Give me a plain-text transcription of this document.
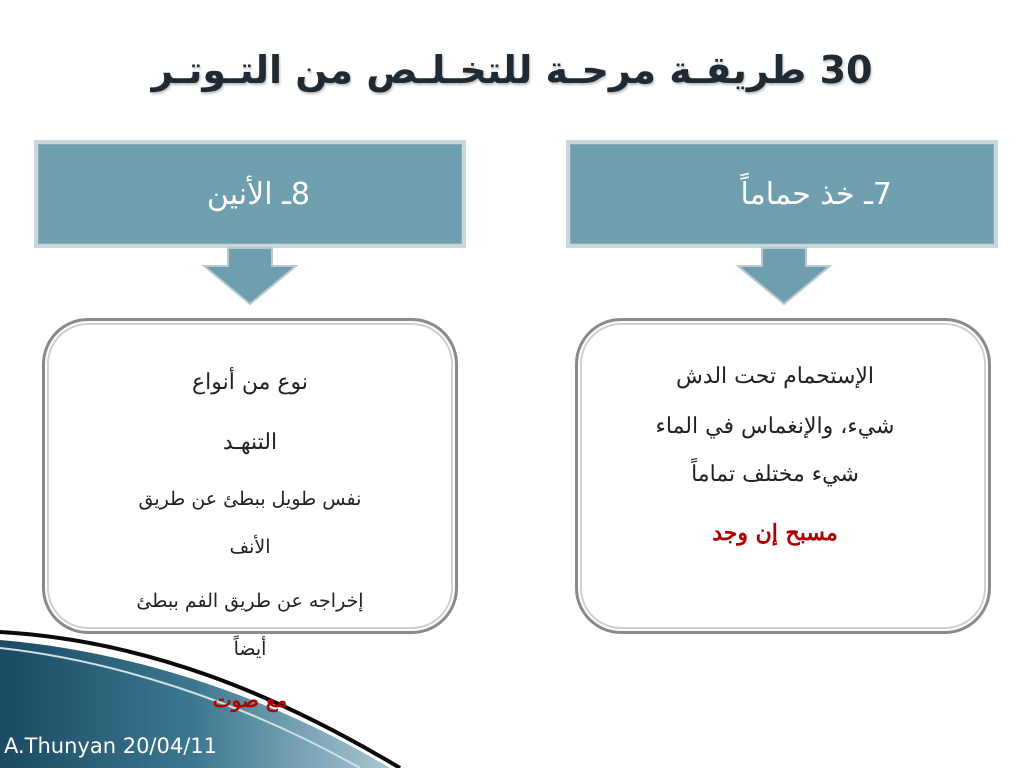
30 طريقـة مرحـة للتخـلـص من التـوتـر
7ـ خذ حماماً
8ـ الأنين
الإستحمام تحت الدش
شيء، والإنغماس في الماء
شيء مختلف تماماً
مسبح إن وجد
نوع من أنواع
التنهـد
نفس طويل ببطئ عن طريق
الأنف
إخراجه عن طريق الفم ببطئ
أيضاً
مع صوت
A.Thunyan 20/04/11
